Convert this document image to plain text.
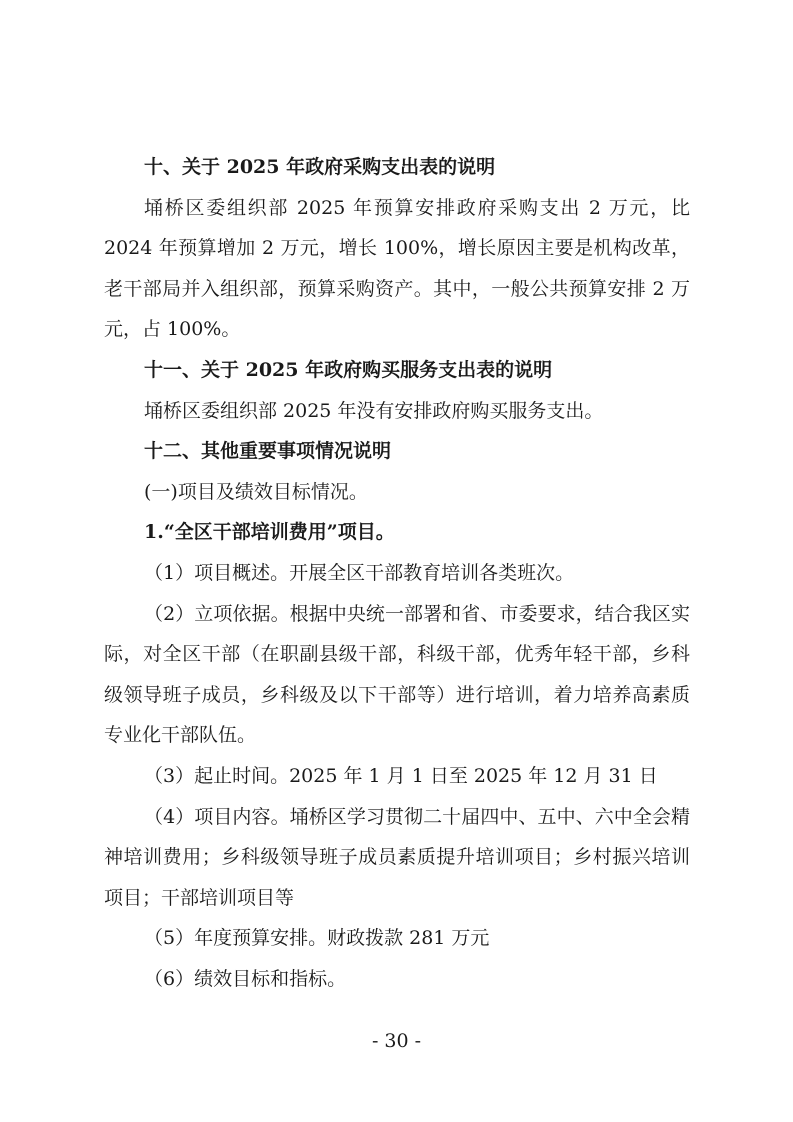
十、关于 2025 年政府采购支出表的说明

埇桥区委组织部 2025 年预算安排政府采购支出 2 万元，比 2024 年预算增加 2 万元，增长 100%，增长原因主要是机构改革，老干部局并入组织部，预算采购资产。其中，一般公共预算安排 2 万元，占 100%。

十一、关于 2025 年政府购买服务支出表的说明

埇桥区委组织部 2025 年没有安排政府购买服务支出。

十二、其他重要事项情况说明

(一)项目及绩效目标情况。

1.“全区干部培训费用”项目。

（1）项目概述。开展全区干部教育培训各类班次。

（2）立项依据。根据中央统一部署和省、市委要求，结合我区实际，对全区干部（在职副县级干部，科级干部，优秀年轻干部，乡科级领导班子成员，乡科级及以下干部等）进行培训，着力培养高素质专业化干部队伍。

（3）起止时间。2025 年 1 月 1 日至 2025 年 12 月 31 日

（4）项目内容。埇桥区学习贯彻二十届四中、五中、六中全会精神培训费用；乡科级领导班子成员素质提升培训项目；乡村振兴培训项目；干部培训项目等

（5）年度预算安排。财政拨款 281 万元

（6）绩效目标和指标。

- 30 -
